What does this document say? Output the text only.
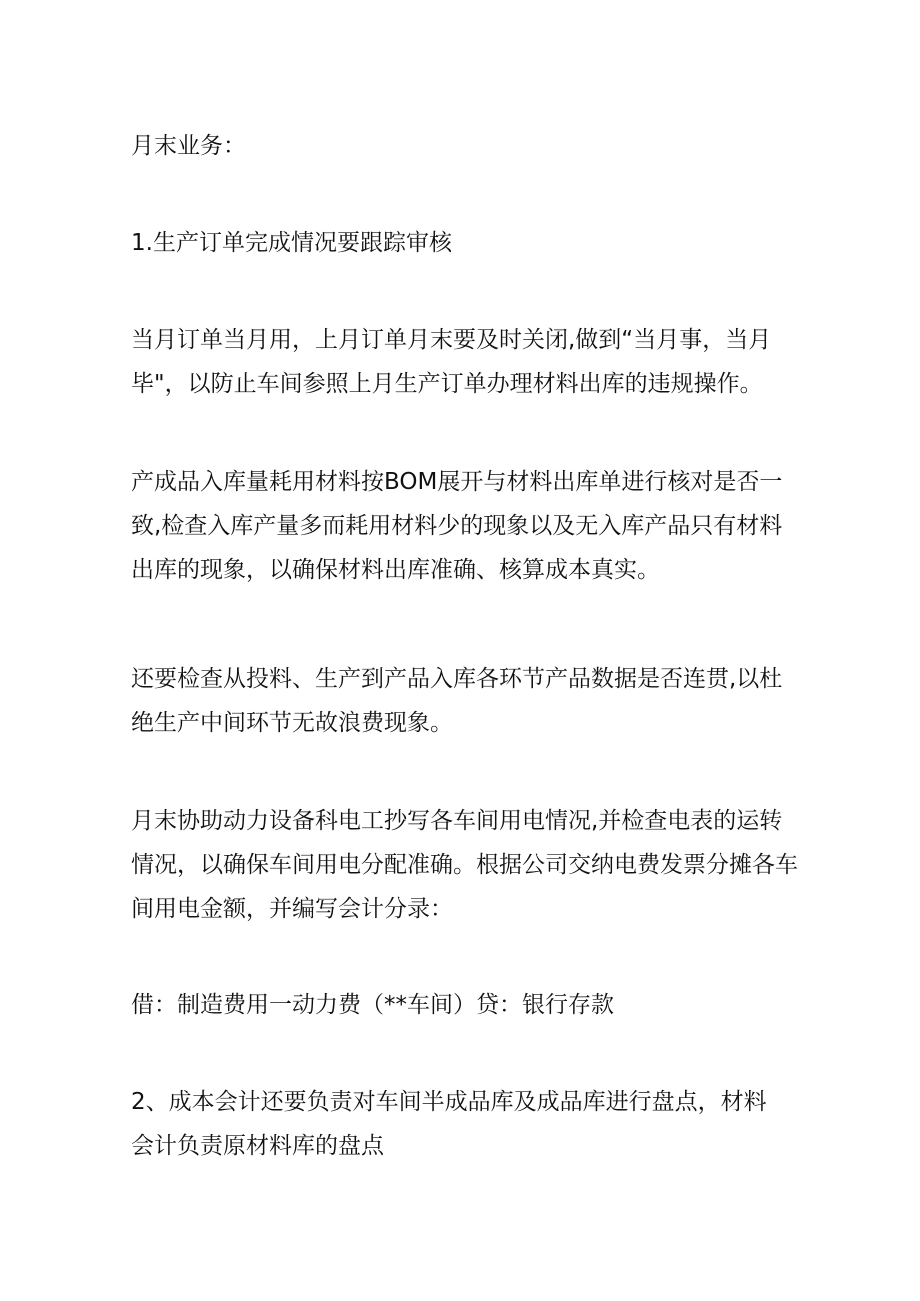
月末业务：

1.生产订单完成情况要跟踪审核

当月订单当月用，上月订单月末要及时关闭,做到“当月事，当月
毕"，以防止车间参照上月生产订单办理材料出库的违规操作。

产成品入库量耗用材料按BOM展开与材料出库单进行核对是否一
致,检查入库产量多而耗用材料少的现象以及无入库产品只有材料
出库的现象，以确保材料出库准确、核算成本真实。

还要检查从投料、生产到产品入库各环节产品数据是否连贯,以杜
绝生产中间环节无故浪费现象。

月末协助动力设备科电工抄写各车间用电情况,并检查电表的运转
情况，以确保车间用电分配准确。根据公司交纳电费发票分摊各车
间用电金额，并编写会计分录：

借：制造费用一动力费（**车间）贷：银行存款

2、成本会计还要负责对车间半成品库及成品库进行盘点，材料
会计负责原材料库的盘点
